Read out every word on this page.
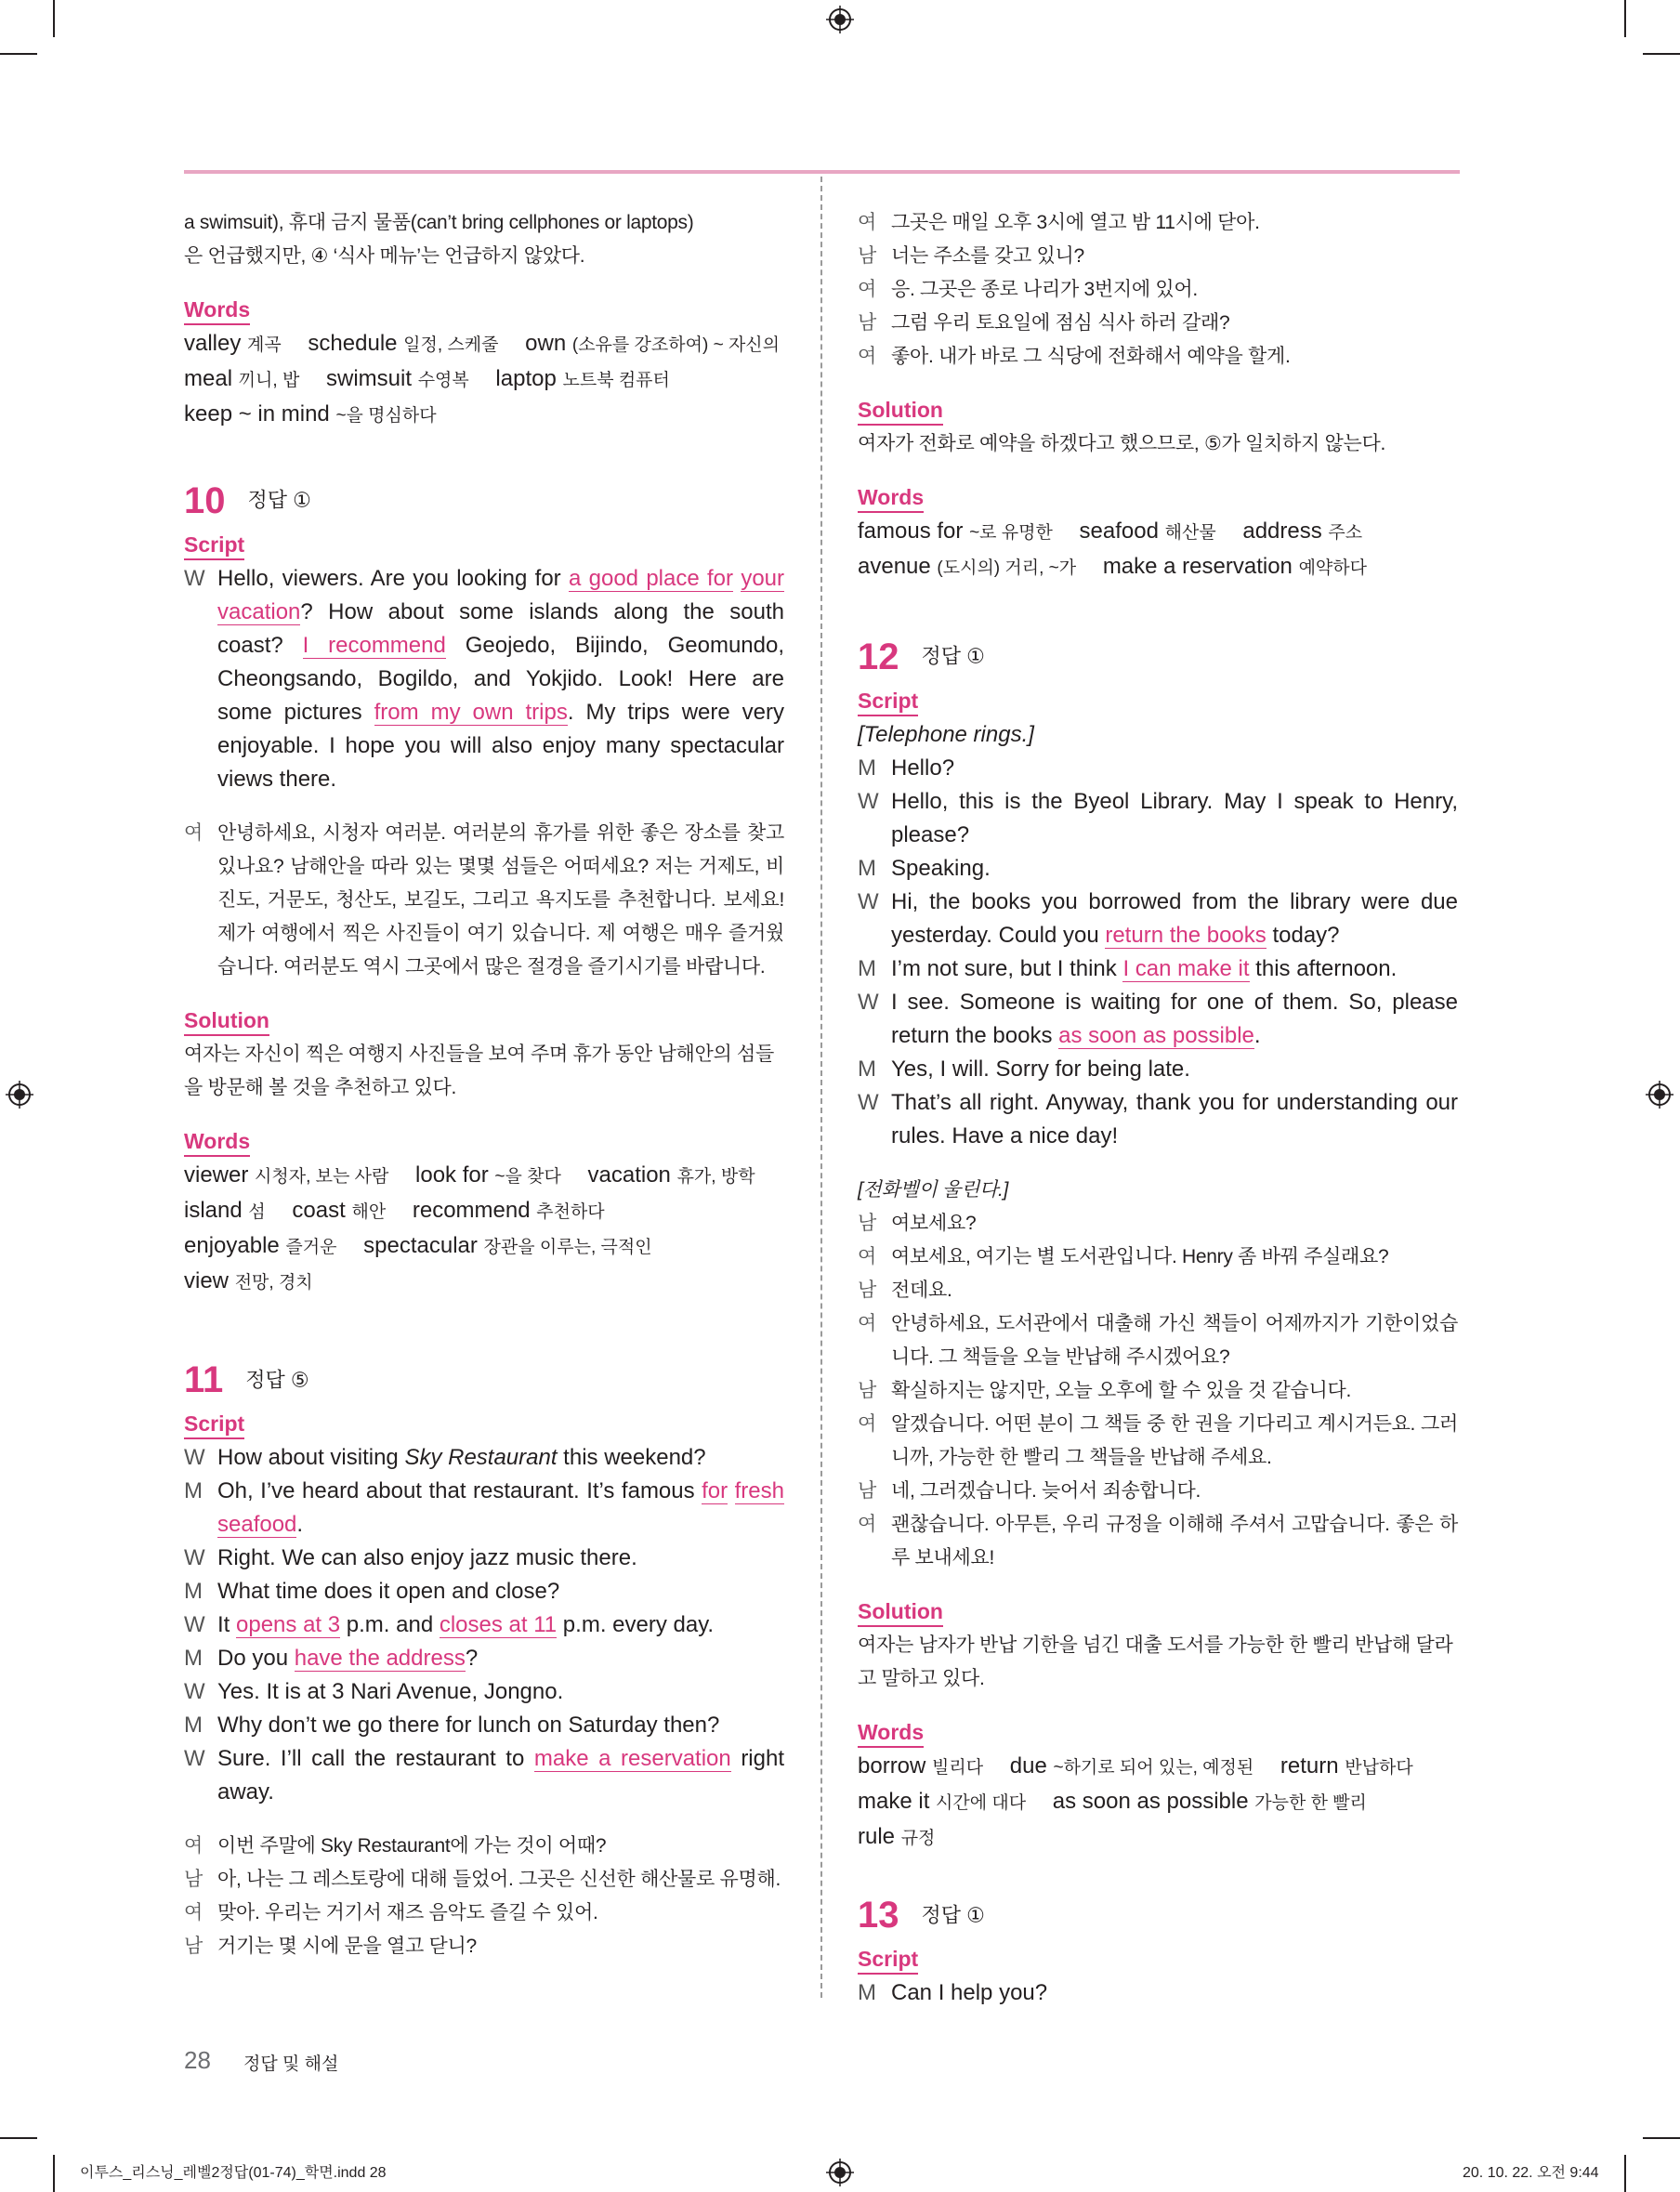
a swimsuit), 휴대 금지 물품(can’t bring cellphones or laptops)

은 언급했지만, ④ ‘식사 메뉴’는 언급하지 않았다.

Words
valley 계곡 schedule 일정, 스케줄 own (소유를 강조하여) ~ 자신의
meal 끼니, 밥 swimsuit 수영복 laptop 노트북 컴퓨터
keep ~ in mind ~을 명심하다
10 정답 ①
Script
W Hello, viewers. Are you looking for a good place for your vacation? How about some islands along the south coast? I recommend Geojedo, Bijindo, Geomundo, Cheongsando, Bogildo, and Yokjido. Look! Here are some pictures from my own trips. My trips were very enjoyable. I hope you will also enjoy many spectacular views there.
여 안녕하세요, 시청자 여러분. 여러분의 휴가를 위한 좋은 장소를 찾고 있나요? 남해안을 따라 있는 몇몇 섬들은 어떠세요? 저는 거제도, 비진도, 거문도, 청산도, 보길도, 그리고 욕지도를 추천합니다. 보세요! 제가 여행에서 찍은 사진들이 여기 있습니다. 제 여행은 매우 즐거웠습니다. 여러분도 역시 그곳에서 많은 절경을 즐기시기를 바랍니다.
Solution

여자는 자신이 찍은 여행지 사진들을 보여 주며 휴가 동안 남해안의 섬들을 방문해 볼 것을 추천하고 있다.

Words
viewer 시청자, 보는 사람 look for ~을 찾다 vacation 휴가, 방학
island 섬 coast 해안 recommend 추천하다
enjoyable 즐거운 spectacular 장관을 이루는, 극적인
view 전망, 경치
11 정답 ⑤
Script
W How about visiting Sky Restaurant this weekend?
M Oh, I’ve heard about that restaurant. It’s famous for fresh seafood.
W Right. We can also enjoy jazz music there.
M What time does it open and close?
W It opens at 3 p.m. and closes at 11 p.m. every day.
M Do you have the address?
W Yes. It is at 3 Nari Avenue, Jongno.
M Why don’t we go there for lunch on Saturday then?
W Sure. I’ll call the restaurant to make a reservation right away.
여 이번 주말에 Sky Restaurant에 가는 것이 어때?
남 아, 나는 그 레스토랑에 대해 들었어. 그곳은 신선한 해산물로 유명해.
여 맞아. 우리는 거기서 재즈 음악도 즐길 수 있어.
남 거기는 몇 시에 문을 열고 닫니?
여 그곳은 매일 오후 3시에 열고 밤 11시에 닫아.
남 너는 주소를 갖고 있니?
여 응. 그곳은 종로 나리가 3번지에 있어.
남 그럼 우리 토요일에 점심 식사 하러 갈래?
여 좋아. 내가 바로 그 식당에 전화해서 예약을 할게.
Solution

여자가 전화로 예약을 하겠다고 했으므로, ⑤가 일치하지 않는다.

Words
famous for ~로 유명한 seafood 해산물 address 주소
avenue (도시의) 거리, ~가 make a reservation 예약하다
12 정답 ①
Script

[Telephone rings.]

M Hello?
W Hello, this is the Byeol Library. May I speak to Henry, please?
M Speaking.
W Hi, the books you borrowed from the library were due yesterday. Could you return the books today?
M I’m not sure, but I think I can make it this afternoon.
W I see. Someone is waiting for one of them. So, please return the books as soon as possible.
M Yes, I will. Sorry for being late.
W That’s all right. Anyway, thank you for understanding our rules. Have a nice day!

[전화벨이 울린다.]

남 여보세요?
여 여보세요, 여기는 별 도서관입니다. Henry 좀 바꿔 주실래요?
남 전데요.
여 안녕하세요, 도서관에서 대출해 가신 책들이 어제까지가 기한이었습니다. 그 책들을 오늘 반납해 주시겠어요?
남 확실하지는 않지만, 오늘 오후에 할 수 있을 것 같습니다.
여 알겠습니다. 어떤 분이 그 책들 중 한 권을 기다리고 계시거든요. 그러니까, 가능한 한 빨리 그 책들을 반납해 주세요.
남 네, 그러겠습니다. 늦어서 죄송합니다.
여 괜찮습니다. 아무튼, 우리 규정을 이해해 주셔서 고맙습니다. 좋은 하루 보내세요!
Solution

여자는 남자가 반납 기한을 넘긴 대출 도서를 가능한 한 빨리 반납해 달라고 말하고 있다.

Words
borrow 빌리다 due ~하기로 되어 있는, 예정된 return 반납하다
make it 시간에 대다 as soon as possible 가능한 한 빨리
rule 규정
13 정답 ①
Script
M Can I help you?
28 정답 및 해설
이투스_리스닝_레벨2정답(01-74)_학면.indd 28	20. 10. 22. 오전 9:44
